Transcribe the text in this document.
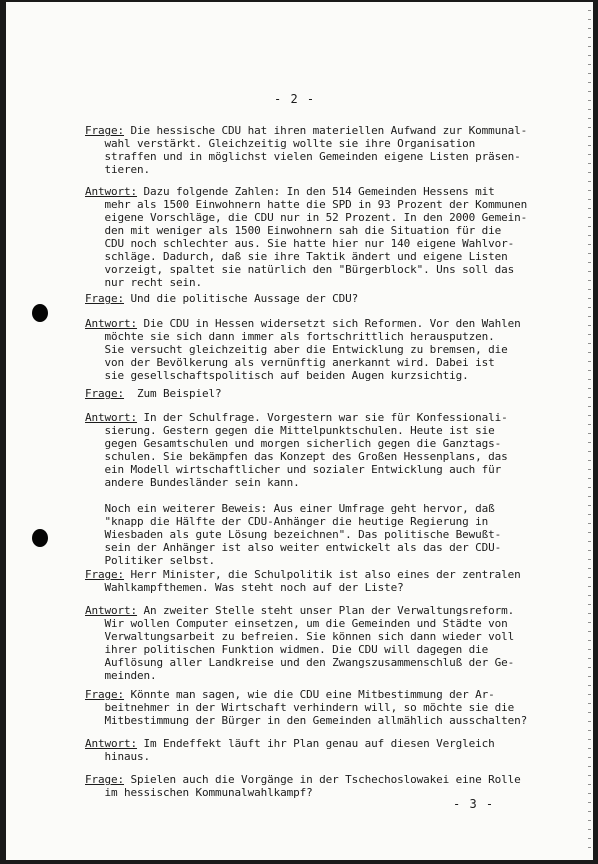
- 2 -
Frage: Die hessische CDU hat ihren materiellen Aufwand zur Kommunal-
wahl verstärkt. Gleichzeitig wollte sie ihre Organisation
straffen und in möglichst vielen Gemeinden eigene Listen präsen-
tieren.
Antwort: Dazu folgende Zahlen: In den 514 Gemeinden Hessens mit
mehr als 1500 Einwohnern hatte die SPD in 93 Prozent der Kommunen
eigene Vorschläge, die CDU nur in 52 Prozent. In den 2000 Gemein-
den mit weniger als 1500 Einwohnern sah die Situation für die
CDU noch schlechter aus. Sie hatte hier nur 140 eigene Wahlvor-
schläge. Dadurch, daß sie ihre Taktik ändert und eigene Listen
vorzeigt, spaltet sie natürlich den "Bürgerblock". Uns soll das
nur recht sein.
Frage: Und die politische Aussage der CDU?
Antwort: Die CDU in Hessen widersetzt sich Reformen. Vor den Wahlen
möchte sie sich dann immer als fortschrittlich herausputzen.
Sie versucht gleichzeitig aber die Entwicklung zu bremsen, die
von der Bevölkerung als vernünftig anerkannt wird. Dabei ist
sie gesellschaftspolitisch auf beiden Augen kurzsichtig.
Frage:  Zum Beispiel?
Antwort: In der Schulfrage. Vorgestern war sie für Konfessionali-
sierung. Gestern gegen die Mittelpunktschulen. Heute ist sie
gegen Gesamtschulen und morgen sicherlich gegen die Ganztags-
schulen. Sie bekämpfen das Konzept des Großen Hessenplans, das
ein Modell wirtschaftlicher und sozialer Entwicklung auch für
andere Bundesländer sein kann.

Noch ein weiterer Beweis: Aus einer Umfrage geht hervor, daß
"knapp die Hälfte der CDU-Anhänger die heutige Regierung in
Wiesbaden als gute Lösung bezeichnen". Das politische Bewußt-
sein der Anhänger ist also weiter entwickelt als das der CDU-
Politiker selbst.
Frage: Herr Minister, die Schulpolitik ist also eines der zentralen
Wahlkampfthemen. Was steht noch auf der Liste?
Antwort: An zweiter Stelle steht unser Plan der Verwaltungsreform.
Wir wollen Computer einsetzen, um die Gemeinden und Städte von
Verwaltungsarbeit zu befreien. Sie können sich dann wieder voll
ihrer politischen Funktion widmen. Die CDU will dagegen die
Auflösung aller Landkreise und den Zwangszusammenschluß der Ge-
meinden.
Frage: Könnte man sagen, wie die CDU eine Mitbestimmung der Ar-
beitnehmer in der Wirtschaft verhindern will, so möchte sie die
Mitbestimmung der Bürger in den Gemeinden allmählich ausschalten?
Antwort: Im Endeffekt läuft ihr Plan genau auf diesen Vergleich
hinaus.
Frage: Spielen auch die Vorgänge in der Tschechoslowakei eine Rolle
im hessischen Kommunalwahlkampf?
- 3 -
